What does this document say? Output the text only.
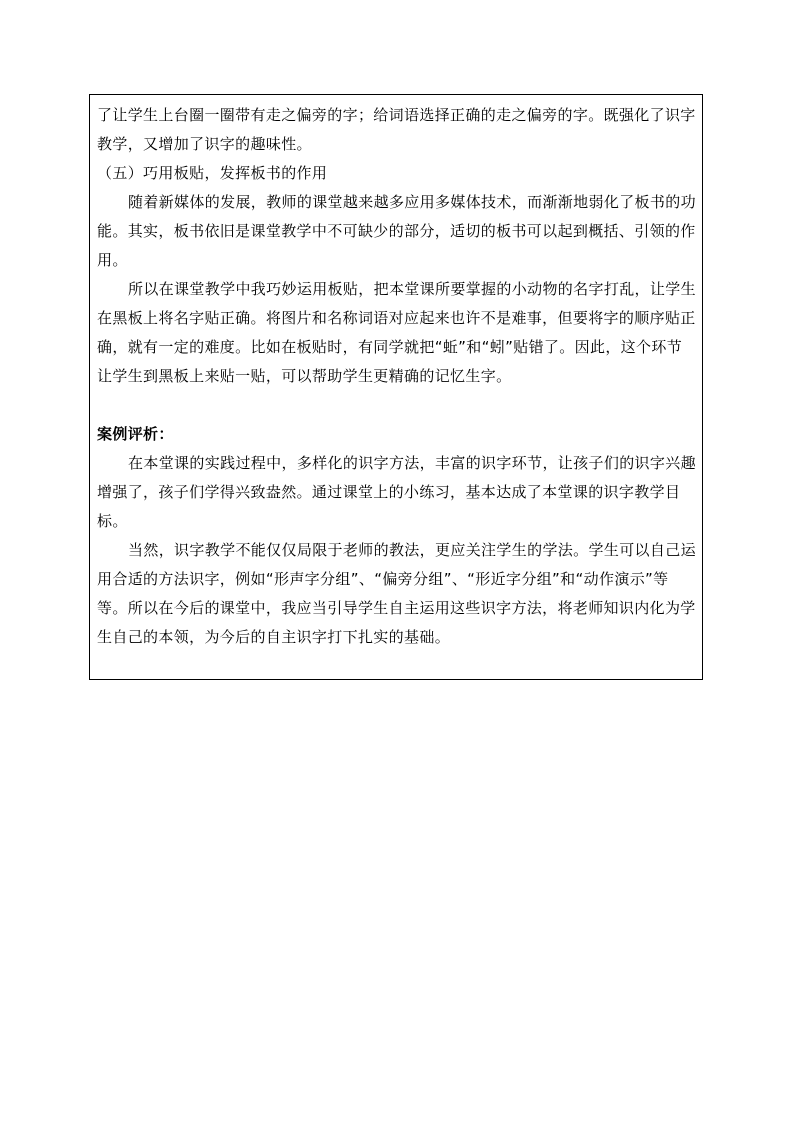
了让学生上台圈一圈带有走之偏旁的字；给词语选择正确的走之偏旁的字。既强化了识字教学，又增加了识字的趣味性。

（五）巧用板贴，发挥板书的作用

随着新媒体的发展，教师的课堂越来越多应用多媒体技术，而渐渐地弱化了板书的功能。其实，板书依旧是课堂教学中不可缺少的部分，适切的板书可以起到概括、引领的作用。

所以在课堂教学中我巧妙运用板贴，把本堂课所要掌握的小动物的名字打乱，让学生在黑板上将名字贴正确。将图片和名称词语对应起来也许不是难事，但要将字的顺序贴正确，就有一定的难度。比如在板贴时，有同学就把“蚯”和“蚓”贴错了。因此，这个环节让学生到黑板上来贴一贴，可以帮助学生更精确的记忆生字。

案例评析：

在本堂课的实践过程中，多样化的识字方法，丰富的识字环节，让孩子们的识字兴趣增强了，孩子们学得兴致盎然。通过课堂上的小练习，基本达成了本堂课的识字教学目标。

当然，识字教学不能仅仅局限于老师的教法，更应关注学生的学法。学生可以自己运用合适的方法识字，例如“形声字分组”、“偏旁分组”、“形近字分组”和“动作演示”等等。所以在今后的课堂中，我应当引导学生自主运用这些识字方法，将老师知识内化为学生自己的本领，为今后的自主识字打下扎实的基础。
